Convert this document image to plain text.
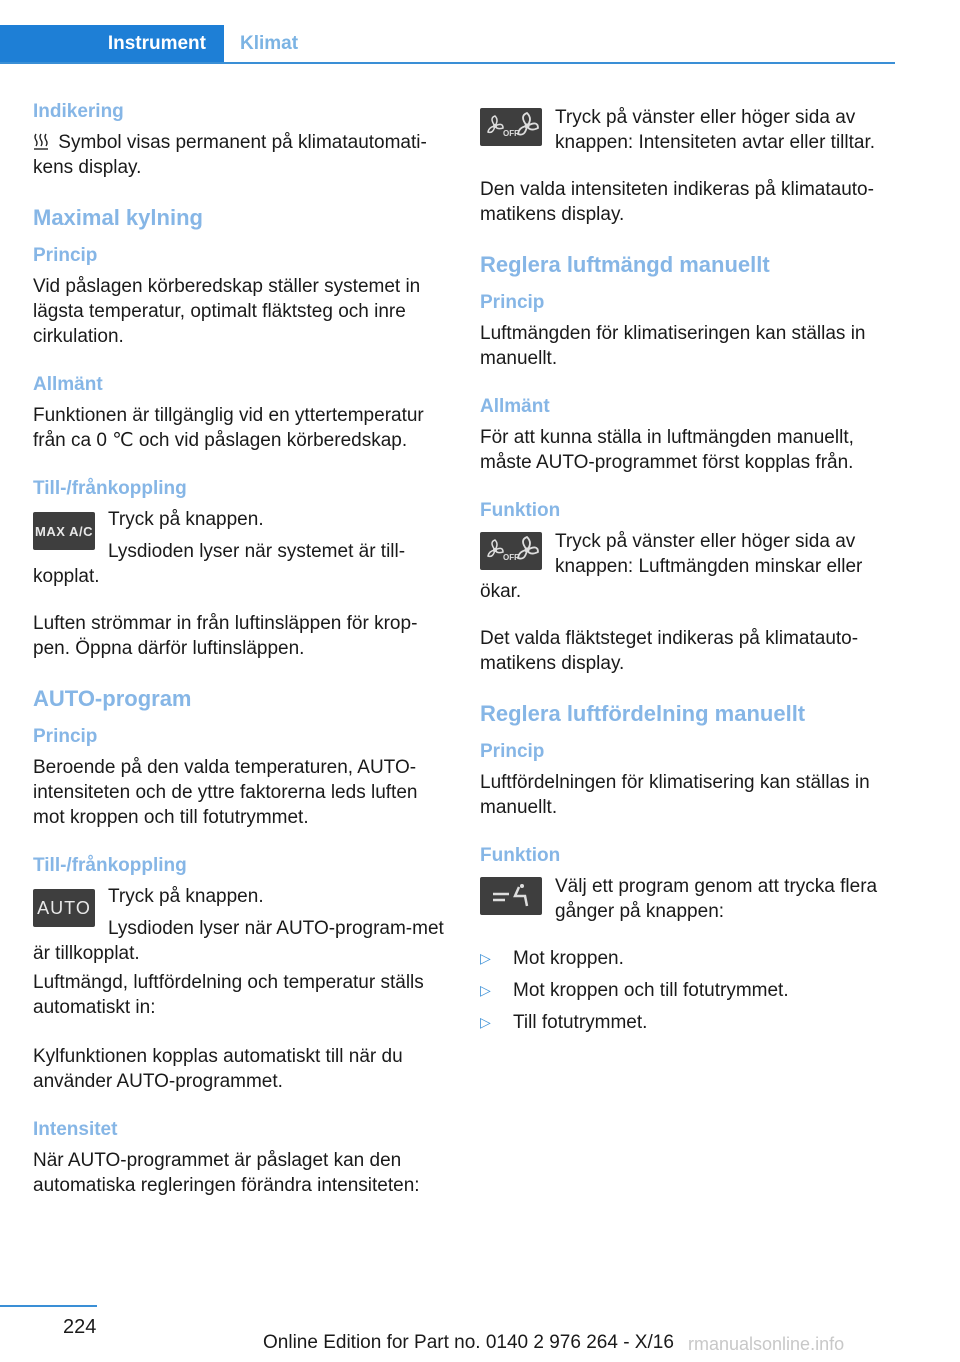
Instrument	Klimat
Indikering
Symbol visas permanent på klimatautomati-kens display.
Maximal kylning
Princip
Vid påslagen körberedskap ställer systemet in lägsta temperatur, optimalt fläktsteg och inre cirkulation.
Allmänt
Funktionen är tillgänglig vid en yttertemperatur från ca 0 ℃ och vid påslagen körberedskap.
Till-/frånkoppling
MAX A/C
Tryck på knappen.
Lysdioden lyser när systemet är till-kopplat.
Luften strömmar in från luftinsläppen för krop-pen. Öppna därför luftinsläppen.
AUTO-program
Princip
Beroende på den valda temperaturen, AUTO-intensiteten och de yttre faktorerna leds luften mot kroppen och till fotutrymmet.
Till-/frånkoppling
AUTO
Tryck på knappen.
Lysdioden lyser när AUTO-program-met är tillkopplat.
Luftmängd, luftfördelning och temperatur ställs automatiskt in:
Kylfunktionen kopplas automatiskt till när du använder AUTO-programmet.
Intensitet
När AUTO-programmet är påslaget kan den automatiska regleringen förändra intensiteten:
OFF
Tryck på vänster eller höger sida av knappen: Intensiteten avtar eller tilltar.
Den valda intensiteten indikeras på klimatauto-matikens display.
Reglera luftmängd manuellt
Princip
Luftmängden för klimatiseringen kan ställas in manuellt.
Allmänt
För att kunna ställa in luftmängden manuellt, måste AUTO-programmet först kopplas från.
Funktion
OFF
Tryck på vänster eller höger sida av knappen: Luftmängden minskar eller ökar.
Det valda fläktsteget indikeras på klimatauto-matikens display.
Reglera luftfördelning manuellt
Princip
Luftfördelningen för klimatisering kan ställas in manuellt.
Funktion
Välj ett program genom att trycka flera gånger på knappen:
▷ Mot kroppen.
▷ Mot kroppen och till fotutrymmet.
▷ Till fotutrymmet.
224
Online Edition for Part no. 0140 2 976 264 - X/16 rmanualsonline.info
